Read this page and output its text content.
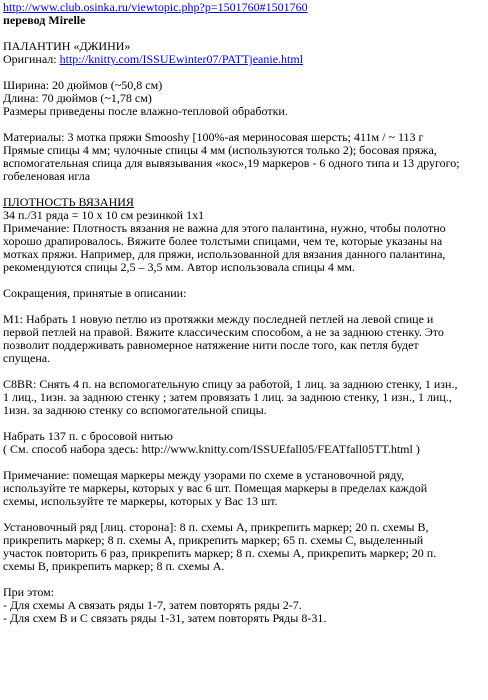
http://www.club.osinka.ru/viewtopic.php?p=1501760#1501760

перевод Mirelle

ПАЛАНТИН «ДЖИНИ»

Оригинал: http://knitty.com/ISSUEwinter07/PATTjeanie.html

Ширина: 20 дюймов (~50,8 см)

Длина: 70 дюймов (~1,78 см)

Размеры приведены после влажно-тепловой обработки.

Материалы: 3 мотка пряжи Smooshy [100%-ая мериносовая шерсть; 411м / ~ 113 г

Прямые спицы 4 мм; чулочные спицы 4 мм (используются только 2); босовая пряжа,

вспомогательная спица для вывязывания «кос»,19 маркеров - 6 одного типа и 13 другого;

гобеленовая игла

ПЛОТНОСТЬ ВЯЗАНИЯ

34 п./31 ряда = 10 x 10 см резинкой 1x1

Примечание: Плотность вязания не важна для этого палантина, нужно, чтобы полотно

хорошо драпировалось. Вяжите более толстыми спицами, чем те, которые указаны на

мотках пряжи. Например, для пряжи, использованной для вязания данного палантина,

рекомендуются спицы 2,5 – 3,5 мм. Автор использовала спицы 4 мм.

Сокращения, принятые в описании:

M1: Набрать 1 новую петлю из протяжки между последней петлей на левой спице и

первой петлей на правой. Вяжите классическим способом, а не за заднюю стенку. Это

позволит поддерживать равномерное натяжение нити после того, как петля будет

спущена.

C8BR: Снять 4 п. на вспомогательную спицу за работой, 1 лиц. за заднюю стенку, 1 изн.,

1 лиц., 1изн. за заднюю стенку ; затем провязать 1 лиц. за заднюю стенку, 1 изн., 1 лиц.,

1изн. за заднюю стенку со вспомогательной спицы.

Набрать 137 п. с бросовой нитью

( См. способ набора здесь: http://www.knitty.com/ISSUEfall05/FEATfall05TT.html )

Примечание: помещая маркеры между узорами по схеме в установочной ряду,

используйте те маркеры, которых у вас 6 шт. Помещая маркеры в пределах каждой

схемы, используйте те маркеры, которых у Вас 13 шт.

Установочный ряд [лиц. сторона]: 8 п. схемы A, прикрепить маркер; 20 п. схемы B,

прикрепить маркер; 8 п. схемы A, прикрепить маркер; 65 п. схемы C, выделенный

участок повторить 6 раз, прикрепить маркер; 8 п. схемы A, прикрепить маркер; 20 п.

схемы B, прикрепить маркер; 8 п. схемы A.

При этом:

- Для схемы A связать ряды 1-7, затем повторять ряды 2-7.

- Для схем B и C связать ряды 1-31, затем повторять Ряды 8-31.
